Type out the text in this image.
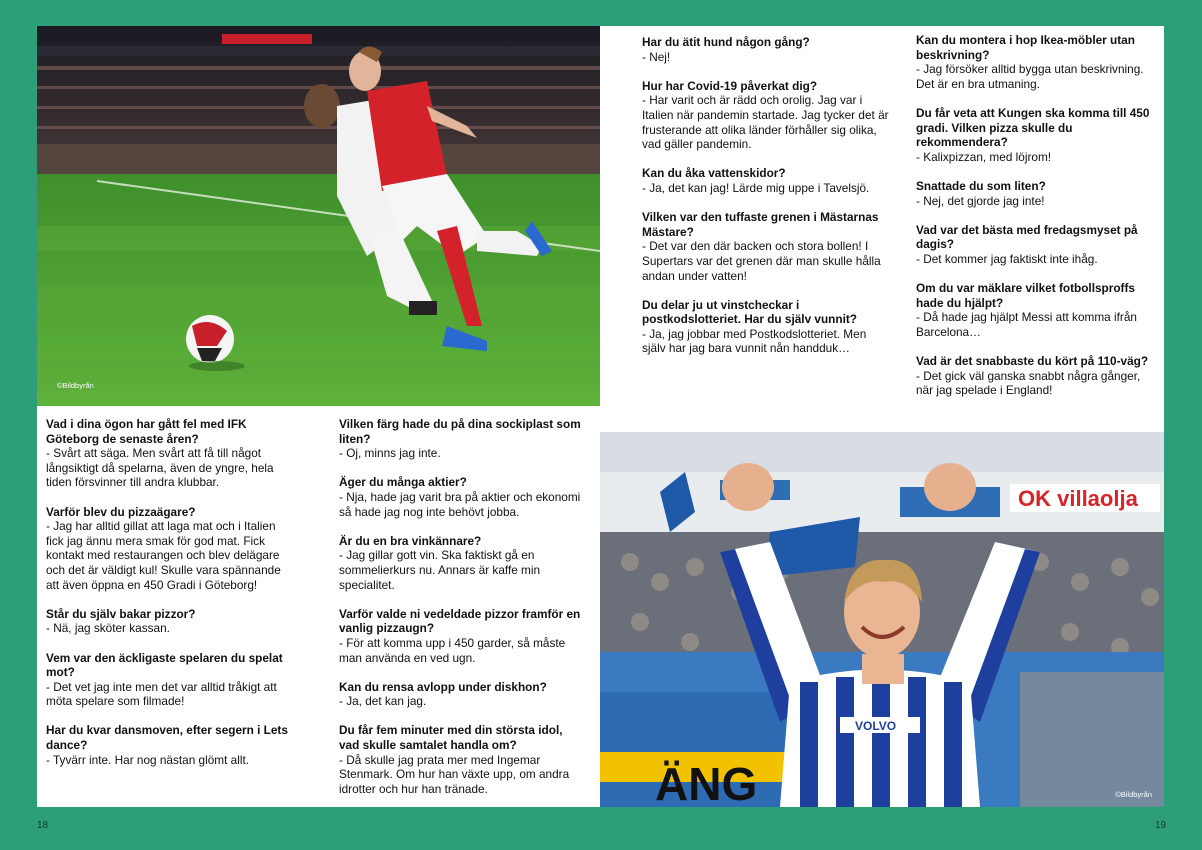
©Bildbyrån
OK villaolja
ÄNG
VOLVO
©Bildbyrån
Vad i dina ögon har gått fel med IFK Göteborg de senaste åren?
- Svårt att säga. Men svårt att få till något långsiktigt då spelarna, även de yngre, hela tiden försvinner till andra klubbar.
Varför blev du pizzaägare?
- Jag har alltid gillat att laga mat och i Italien fick jag ännu mera smak för god mat. Fick kontakt med restaurangen och blev delägare och det är väldigt kul! Skulle vara spännande att även öppna en 450 Gradi i Göteborg!
Står du själv bakar pizzor?
- Nä, jag sköter kassan.
Vem var den äckligaste spelaren du spelat mot?
- Det vet jag inte men det var alltid tråkigt att möta spelare som filmade!
Har du kvar dansmoven, efter segern i Lets dance?
- Tyvärr inte. Har nog nästan glömt allt.
Vilken färg hade du på dina sockiplast som liten?
- Oj, minns jag inte.
Äger du många aktier?
- Nja, hade jag varit bra på aktier och ekonomi så hade jag nog inte behövt jobba.
Är du en bra vinkännare?
- Jag gillar gott vin. Ska faktiskt gå en sommelierkurs nu. Annars är kaffe min specialitet.
Varför valde ni vedeldade pizzor framför en vanlig pizzaugn?
- För att komma upp i 450 garder, så måste man använda en ved ugn.
Kan du rensa avlopp under diskhon?
- Ja, det kan jag.
Du får fem minuter med din största idol, vad skulle samtalet handla om?
- Då skulle jag prata mer med Ingemar Stenmark. Om hur han växte upp, om andra idrotter och hur han tränade.
Har du ätit hund någon gång?
- Nej!
Hur har Covid-19 påverkat dig?
- Har varit och är rädd och orolig. Jag var i Italien när pandemin startade. Jag tycker det är frusterande att olika länder förhåller sig olika, vad gäller pandemin.
Kan du åka vattenskidor?
- Ja, det kan jag! Lärde mig uppe i Tavelsjö.
Vilken var den tuffaste grenen i Mästarnas Mästare?
- Det var den där backen och stora bollen! I Supertars var det grenen där man skulle hålla andan under vatten!
Du delar ju ut vinstcheckar i postkodslotteriet. Har du själv vunnit?
- Ja, jag jobbar med Postkodslotteriet. Men själv har jag bara vunnit nån handduk…
Kan du montera i hop Ikea-möbler utan beskrivning?
- Jag försöker alltid bygga utan beskrivning. Det är en bra utmaning.
Du får veta att Kungen ska komma till 450 gradi. Vilken pizza skulle du rekommendera?
- Kalixpizzan, med löjrom!
Snattade du som liten?
- Nej, det gjorde jag inte!
Vad var det bästa med fredagsmyset på dagis?
- Det kommer jag faktiskt inte ihåg.
Om du var mäklare vilket fotbollsproffs hade du hjälpt?
- Då hade jag hjälpt Messi att komma ifrån Barcelona…
Vad är det snabbaste du kört på 110-väg?
- Det gick väl ganska snabbt några gånger, när jag spelade i England!
18	19
